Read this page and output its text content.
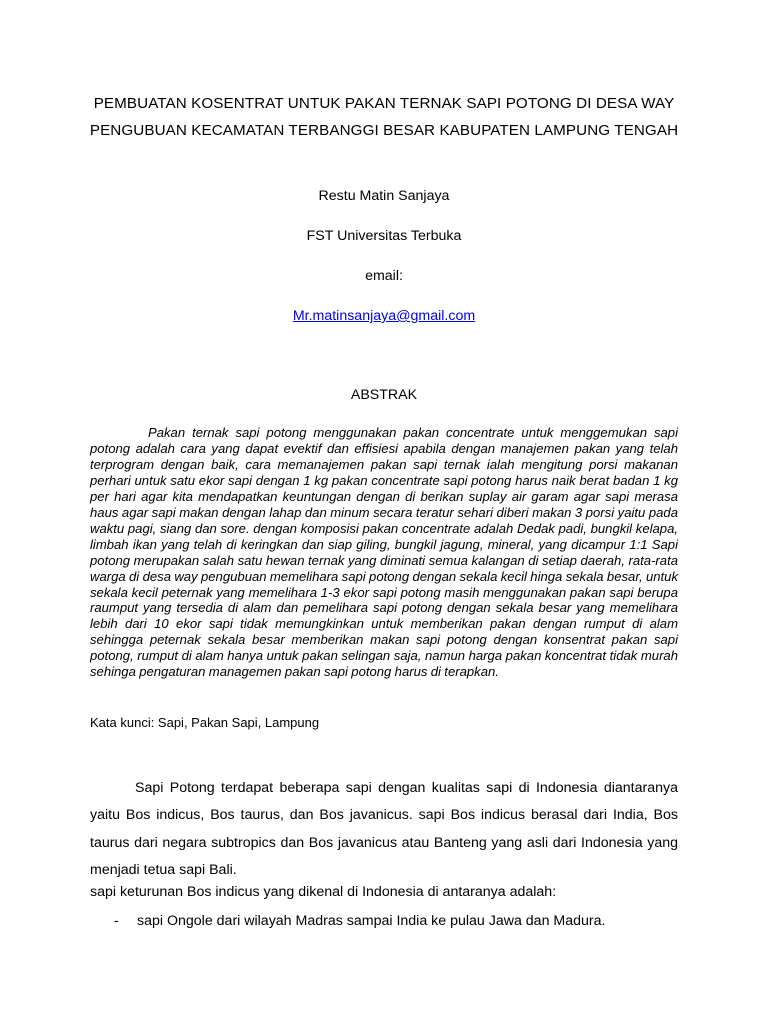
PEMBUATAN KOSENTRAT UNTUK PAKAN TERNAK SAPI POTONG DI DESA WAY
PENGUBUAN KECAMATAN TERBANGGI BESAR KABUPATEN LAMPUNG TENGAH
Restu Matin Sanjaya
FST Universitas Terbuka
email:
Mr.matinsanjaya@gmail.com
ABSTRAK

Pakan ternak sapi potong menggunakan pakan concentrate untuk menggemukan sapi potong adalah cara yang dapat evektif dan effisiesi apabila dengan manajemen pakan yang telah terprogram dengan baik, cara memanajemen pakan sapi ternak ialah mengitung porsi makanan perhari untuk satu ekor sapi dengan 1 kg pakan concentrate sapi potong harus naik berat badan 1 kg per hari agar kita mendapatkan keuntungan dengan di berikan suplay air garam agar sapi merasa haus agar sapi makan dengan lahap dan minum secara teratur sehari diberi makan 3 porsi yaitu pada waktu pagi, siang dan sore. dengan komposisi pakan concentrate adalah Dedak padi, bungkil kelapa, limbah ikan yang telah di keringkan dan siap giling, bungkil jagung, mineral, yang dicampur 1:1 Sapi potong merupakan salah satu hewan ternak yang diminati semua kalangan di setiap daerah, rata-rata warga di desa way pengubuan memelihara sapi potong dengan sekala kecil hinga sekala besar, untuk sekala kecil peternak yang memelihara 1-3 ekor sapi potong masih menggunakan pakan sapi berupa raumput yang tersedia di alam dan pemelihara sapi potong dengan sekala besar yang memelihara lebih dari 10 ekor sapi tidak memungkinkan untuk memberikan pakan dengan rumput di alam sehingga peternak sekala besar memberikan makan sapi potong dengan konsentrat pakan sapi potong, rumput di alam hanya untuk pakan selingan saja, namun harga pakan koncentrat tidak murah sehinga pengaturan managemen pakan sapi potong harus di terapkan.

Kata kunci: Sapi, Pakan Sapi, Lampung

Sapi Potong terdapat beberapa sapi dengan kualitas sapi di Indonesia diantaranya yaitu Bos indicus, Bos taurus, dan Bos javanicus. sapi Bos indicus berasal dari India, Bos taurus dari negara subtropics dan Bos javanicus atau Banteng yang asli dari Indonesia yang menjadi tetua sapi Bali.

sapi keturunan Bos indicus yang dikenal di Indonesia di antaranya adalah:
- sapi Ongole dari wilayah Madras sampai India ke pulau Jawa dan Madura.
